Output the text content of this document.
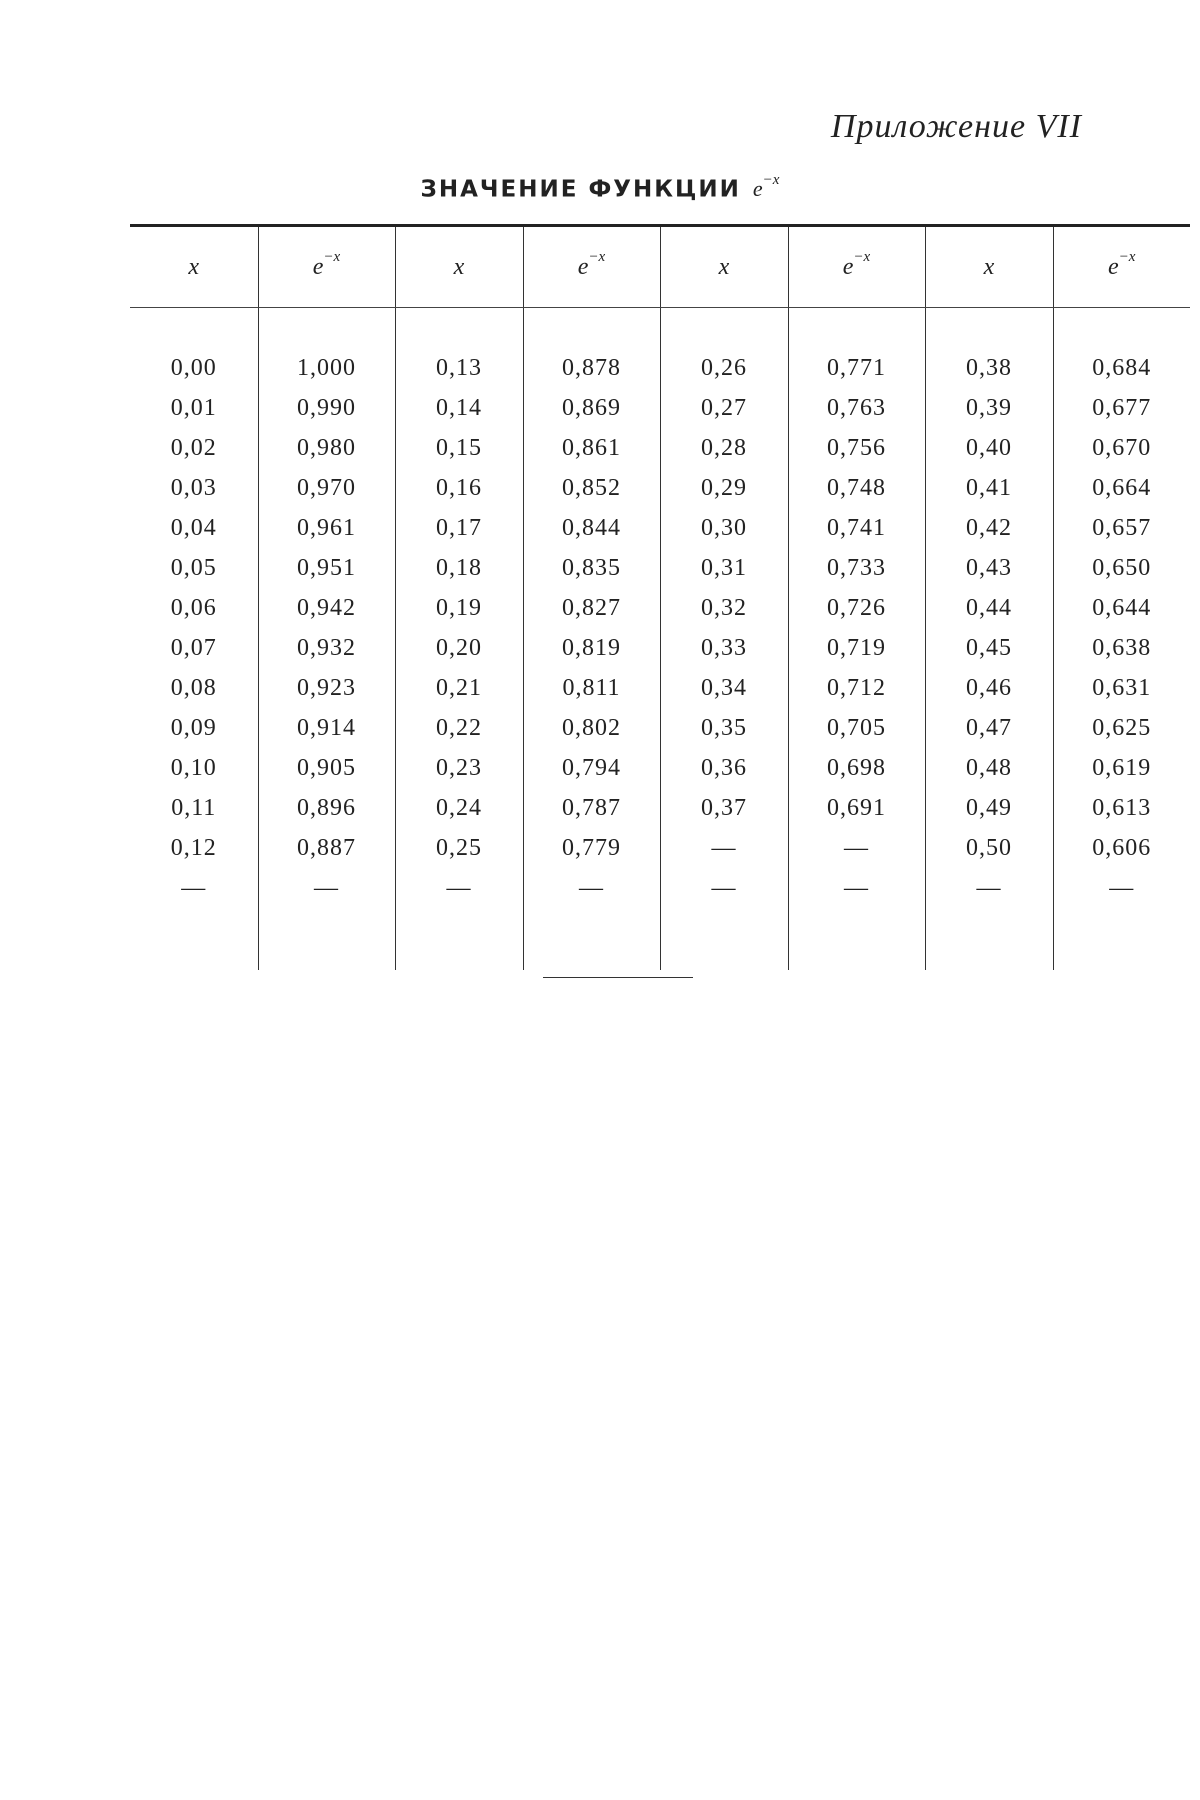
Приложение VII
ЗНАЧЕНИЕ ФУНКЦИИ $e^{-x}$
x	$e^{-x}$	x	$e^{-x}$	x	$e^{-x}$	x	$e^{-x}$

0,00	1,000	0,13	0,878	0,26	0,771	0,38	0,684
0,01	0,990	0,14	0,869	0,27	0,763	0,39	0,677
0,02	0,980	0,15	0,861	0,28	0,756	0,40	0,670
0,03	0,970	0,16	0,852	0,29	0,748	0,41	0,664
0,04	0,961	0,17	0,844	0,30	0,741	0,42	0,657
0,05	0,951	0,18	0,835	0,31	0,733	0,43	0,650
0,06	0,942	0,19	0,827	0,32	0,726	0,44	0,644
0,07	0,932	0,20	0,819	0,33	0,719	0,45	0,638
0,08	0,923	0,21	0,811	0,34	0,712	0,46	0,631
0,09	0,914	0,22	0,802	0,35	0,705	0,47	0,625
0,10	0,905	0,23	0,794	0,36	0,698	0,48	0,619
0,11	0,896	0,24	0,787	0,37	0,691	0,49	0,613
0,12	0,887	0,25	0,779	—	—	0,50	0,606
—	—	—	—	—	—	—	—
